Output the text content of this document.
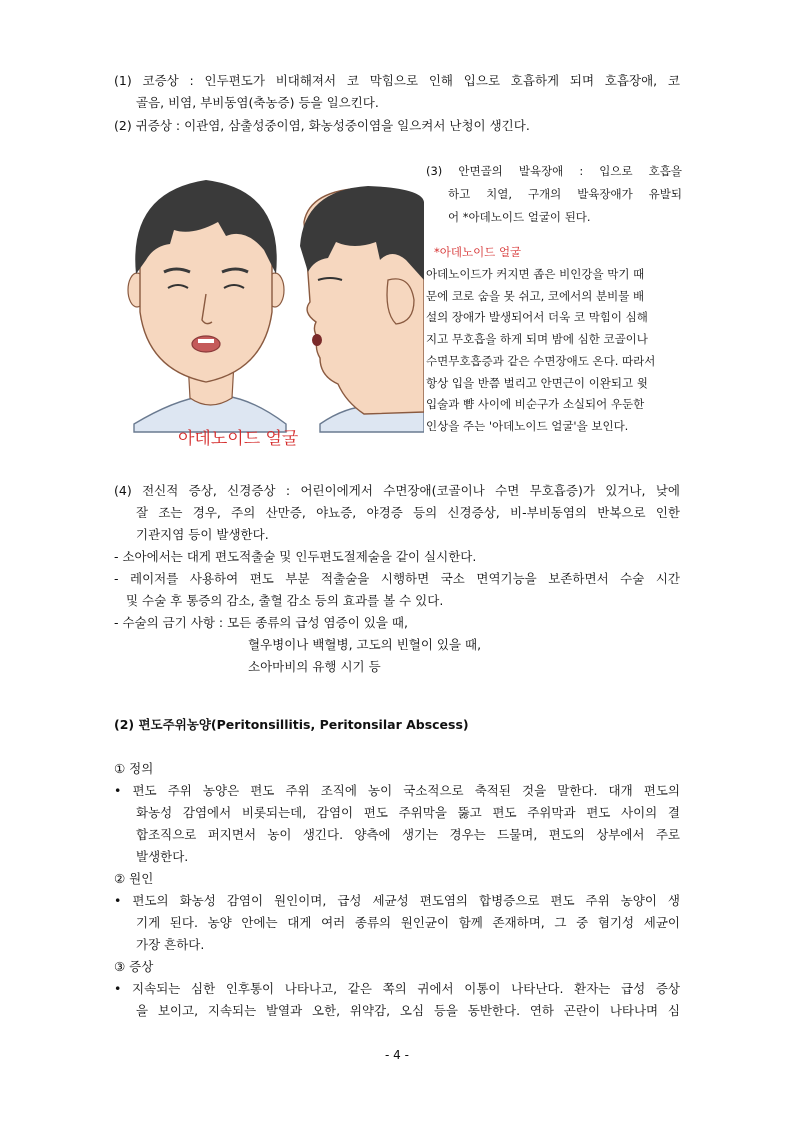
(1) 코증상 : 인두편도가 비대해져서 코 막힘으로 인해 입으로 호흡하게 되며 호흡장애, 코
골음, 비염, 부비동염(축농증) 등을 일으킨다.
(2) 귀증상 : 이관염, 삼출성중이염, 화농성중이염을 일으켜서 난청이 생긴다.
아데노이드 얼굴
(3) 안면골의 발육장애 : 입으로 호흡을
하고 치열, 구개의 발육장애가 유발되
어 *아데노이드 얼굴이 된다.
*아데노이드 얼굴
아데노이드가 커지면 좁은 비인강을 막기 때
문에 코로 숨을 못 쉬고, 코에서의 분비물 배
설의 장애가 발생되어서 더욱 코 막힘이 심해
지고 무호흡을 하게 되며 밤에 심한 코골이나
수면무호흡증과 같은 수면장애도 온다. 따라서
항상 입을 반쯤 벌리고 안면근이 이완되고 윗
입술과 뺨 사이에 비순구가 소실되어 우둔한
인상을 주는 '아데노이드 얼굴'을 보인다.
(4) 전신적 증상, 신경증상 : 어린이에게서 수면장애(코골이나 수면 무호흡증)가 있거나, 낮에
잘 조는 경우, 주의 산만증, 야뇨증, 야경증 등의 신경증상, 비-부비동염의 반복으로 인한
기관지염 등이 발생한다.
- 소아에서는 대게 편도적출술 및 인두편도절제술을 같이 실시한다.
- 레이저를 사용하여 편도 부분 적출술을 시행하면 국소 면역기능을 보존하면서 수술 시간
및 수술 후 통증의 감소, 출혈 감소 등의 효과를 볼 수 있다.
- 수술의 금기 사항 : 모든 종류의 급성 염증이 있을 때,
혈우병이나 백혈병, 고도의 빈혈이 있을 때,
소아마비의 유행 시기 등
(2) 편도주위농양(Peritonsillitis, Peritonsilar Abscess)
① 정의
• 편도 주위 농양은 편도 주위 조직에 농이 국소적으로 축적된 것을 말한다. 대개 편도의
화농성 감염에서 비롯되는데, 감염이 편도 주위막을 뚫고 편도 주위막과 편도 사이의 결
합조직으로 퍼지면서 농이 생긴다. 양측에 생기는 경우는 드물며, 편도의 상부에서 주로
발생한다.
② 원인
• 편도의 화농성 감염이 원인이며, 급성 세균성 편도염의 합병증으로 편도 주위 농양이 생
기게 된다. 농양 안에는 대게 여러 종류의 원인균이 함께 존재하며, 그 중 혐기성 세균이
가장 흔하다.
③ 증상
• 지속되는 심한 인후통이 나타나고, 같은 쪽의 귀에서 이통이 나타난다. 환자는 급성 증상
을 보이고, 지속되는 발열과 오한, 위약감, 오심 등을 동반한다. 연하 곤란이 나타나며 심
- 4 -
